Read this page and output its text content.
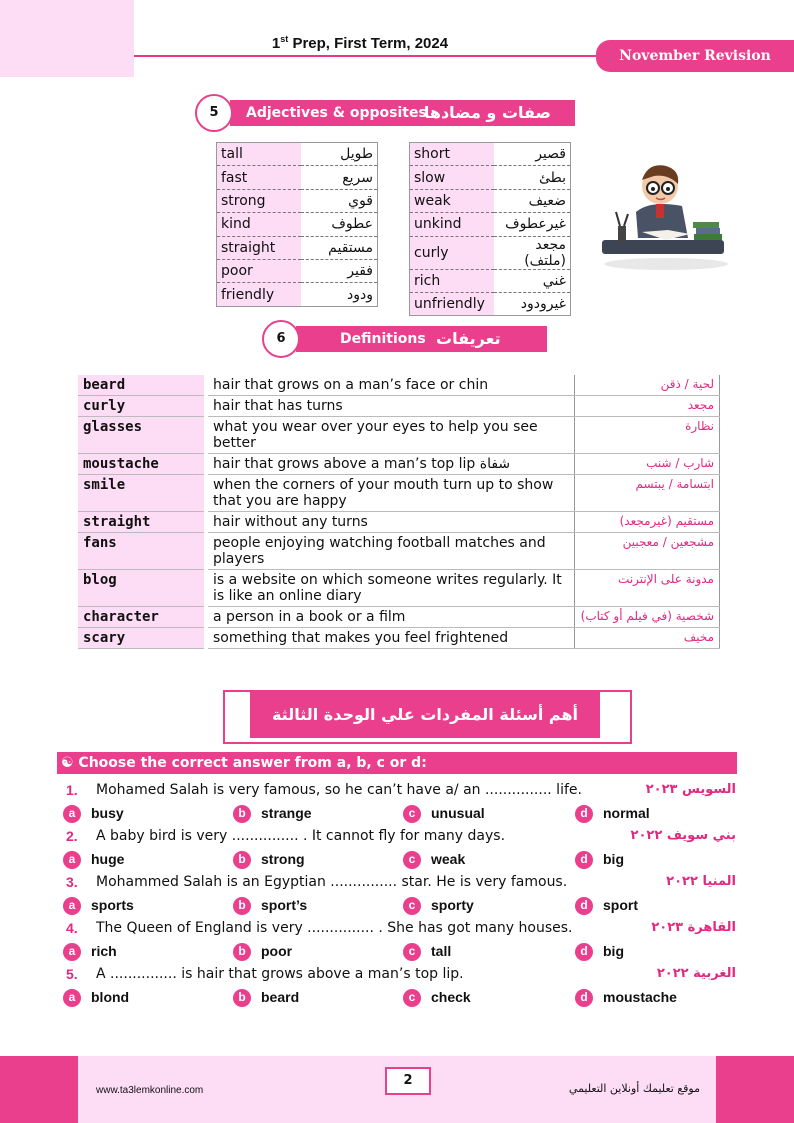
1st Prep, First Term, 2024
November Revision
Adjectives & opposites
صفات و مضادها
5
tall	طويل
fast	سريع
strong	قوي
kind	عطوف
straight	مستقيم
poor	فقير
friendly	ودود
short	قصير
slow	بطئ
weak	ضعيف
unkind	غيرعطوف
curly	مجعد (ملتف)
rich	غني
unfriendly	غيرودود
Definitions تعريفات
6
beard	hair that grows on a man’s face or chin	لحية / ذقن
curly	hair that has turns	مجعد
glasses	what you wear over your eyes to help you see better	نظارة
moustache	hair that grows above a man’s top lip شفاة	شارب / شنب
smile	when the corners of your mouth turn up to show that you are happy	ابتسامة / يبتسم
straight	hair without any turns	مستقيم (غيرمجعد)
fans	people enjoying watching football matches and players	مشجعين / معجبين
blog	is a website on which someone writes regularly. It is like an online diary	مدونة على الإنترنت
character	a person in a book or a film	شخصية (في فيلم أو كتاب)
scary	something that makes you feel frightened	مخيف
أهم أسئلة المفردات علي الوحدة الثالثة
☯ Choose the correct answer from a, b, c or d:
1. Mohamed Salah is very famous, so he can’t have a/ an ............... life.	السويس ٢٠٢٣
a busy	b strange	c unusual	d normal
2. A baby bird is very ............... . It cannot fly for many days.	بني سويف ٢٠٢٢
a huge	b strong	c weak	d big
3. Mohammed Salah is an Egyptian ............... star. He is very famous.	المنيا ٢٠٢٢
a sports	b sport’s	c sporty	d sport
4. The Queen of England is very ............... . She has got many houses.	القاهرة ٢٠٢٣
a rich	b poor	c tall	d big
5. A ............... is hair that grows above a man’s top lip.	الغربية ٢٠٢٢
a blond	b beard	c check	d moustache
www.ta3lemkonline.com
2
موقع تعليمك أونلاين التعليمي
